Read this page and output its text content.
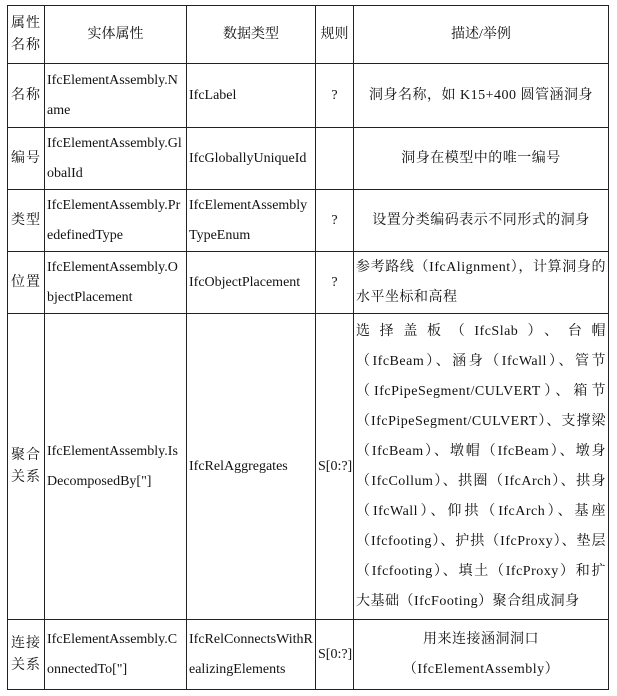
属性名称	实体属性	数据类型	规则	描述/举例
名称	IfcElementAssembly.Name	IfcLabel	?	洞身名称，如 K15+400 圆管涵洞身
编号	IfcElementAssembly.GlobalId	IfcGloballyUniqueId		洞身在模型中的唯一编号
类型	IfcElementAssembly.PredefinedType	IfcElementAssemblyTypeEnum	?	设置分类编码表示不同形式的洞身
位置	IfcElementAssembly.ObjectPlacement	IfcObjectPlacement	?	参考路线（IfcAlignment），计算洞身的水平坐标和高程
聚合关系	IfcElementAssembly.IsDecomposedBy["]	IfcRelAggregates	S[0:?]	选择盖板（IfcSlab）、台帽（IfcBeam）、涵身（IfcWall）、管节（IfcPipeSegment/CULVERT）、箱节（IfcPipeSegment/CULVERT）、支撑梁（IfcBeam）、墩帽（IfcBeam）、墩身（IfcCollum）、拱圈（IfcArch）、拱身（IfcWall）、仰拱（IfcArch）、基座（Ifcfooting）、护拱（IfcProxy）、垫层（Ifcfooting）、填土（IfcProxy）和扩大基础（IfcFooting）聚合组成洞身
连接关系	IfcElementAssembly.ConnectedTo["]	IfcRelConnectsWithRealizingElements	S[0:?]	用来连接涵洞洞口（IfcElementAssembly）
